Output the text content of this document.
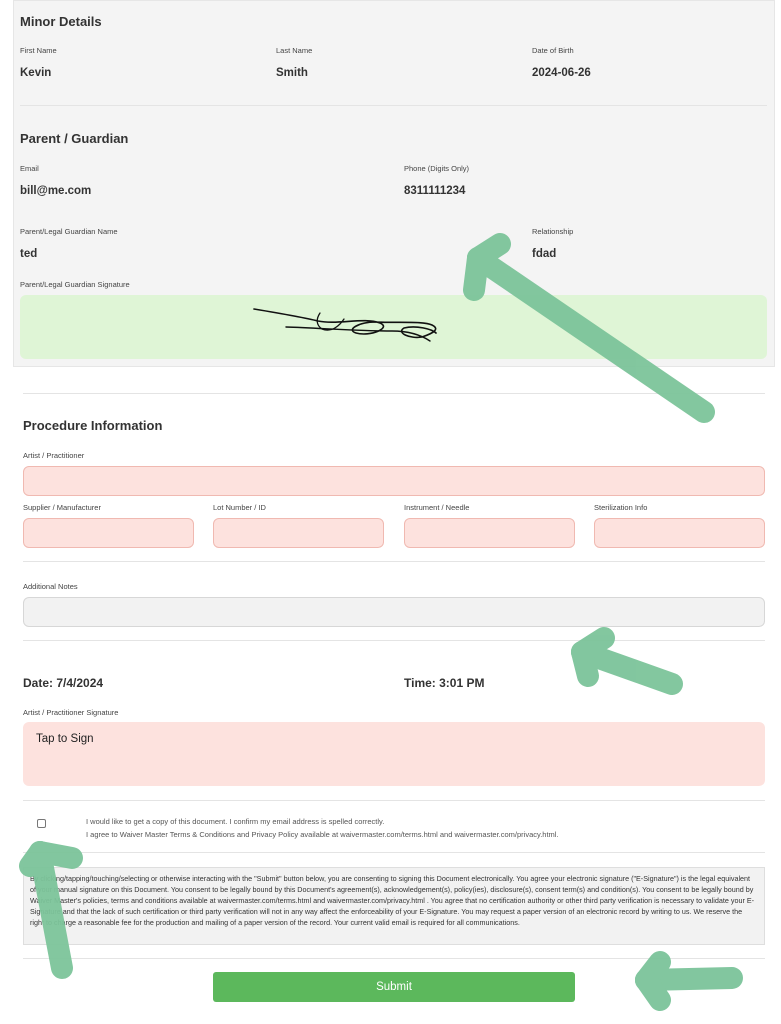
Minor Details
First Name
Kevin
Last Name
Smith
Date of Birth
2024-06-26
Parent / Guardian
Email
bill@me.com
Phone (Digits Only)
8311111234
Parent/Legal Guardian Name
ted
Relationship
fdad
Parent/Legal Guardian Signature
Procedure Information
Artist / Practitioner
Supplier / Manufacturer	Lot Number / ID	Instrument / Needle	Sterilization Info
Additional Notes
Date: 7/4/2024	Time: 3:01 PM
Artist / Practitioner Signature
Tap to Sign
I would like to get a copy of this document. I confirm my email address is spelled correctly.
I agree to Waiver Master Terms & Conditions and Privacy Policy available at waivermaster.com/terms.html and waivermaster.com/privacy.html.
By clicking/tapping/touching/selecting or otherwise interacting with the "Submit" button below, you are consenting to signing this Document electronically. You agree your electronic signature ("E-Signature") is the legal equivalent of your manual signature on this Document. You consent to be legally bound by this Document's agreement(s), acknowledgement(s), policy(ies), disclosure(s), consent term(s) and condition(s). You consent to be legally bound by Waiver Master's policies, terms and conditions available at waivermaster.com/terms.html and waivermaster.com/privacy.html . You agree that no certification authority or other third party verification is necessary to validate your E-Signature and that the lack of such certification or third party verification will not in any way affect the enforceability of your E-Signature. You may request a paper version of an electronic record by writing to us. We reserve the right to charge a reasonable fee for the production and mailing of a paper version of the record. Your current valid email is required for all communications.
Submit
